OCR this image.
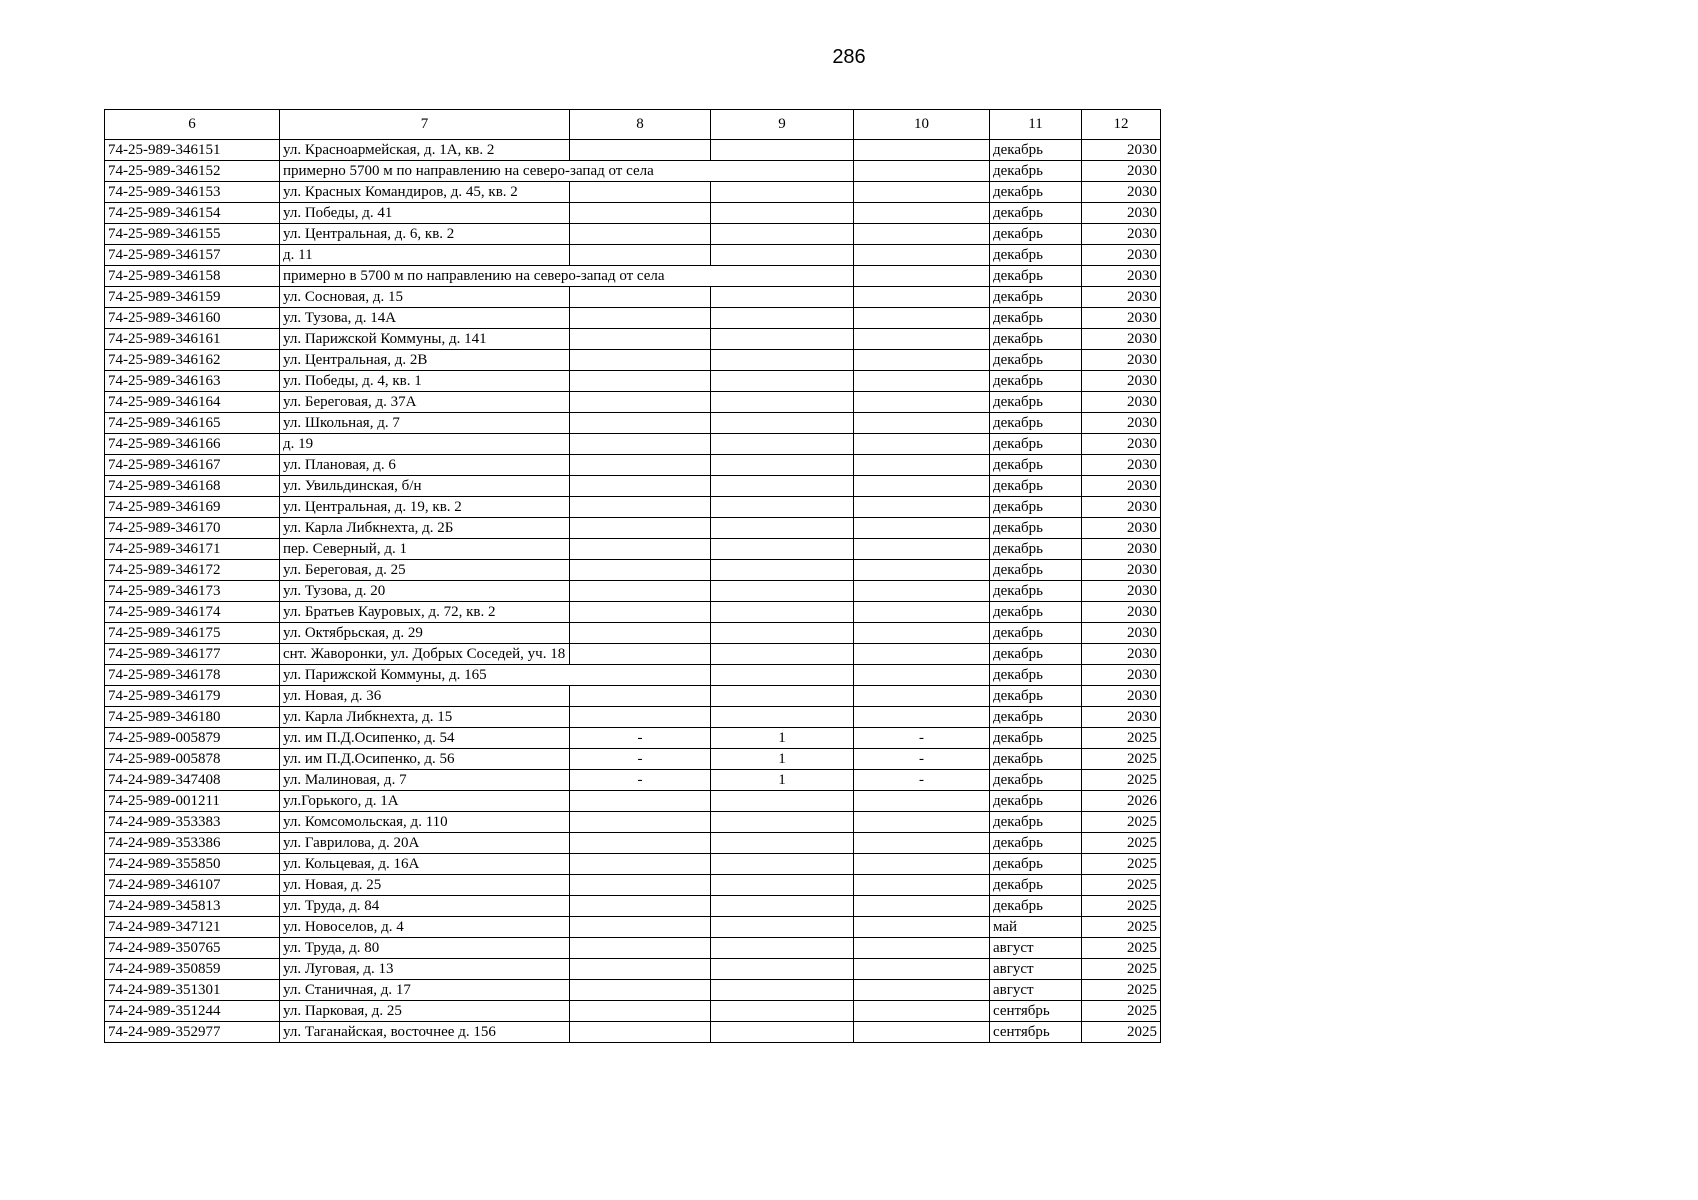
286
6	7	8	9	10	11	12
74-25-989-346151	ул. Красноармейская, д. 1А, кв. 2				декабрь	2030
74-25-989-346152	примерно 5700 м по направлению на северо-запад от села				декабрь	2030
74-25-989-346153	ул. Красных Командиров, д. 45, кв. 2				декабрь	2030
74-25-989-346154	ул. Победы, д. 41				декабрь	2030
74-25-989-346155	ул. Центральная, д. 6, кв. 2				декабрь	2030
74-25-989-346157	д. 11				декабрь	2030
74-25-989-346158	примерно в 5700 м по направлению на северо-запад от села				декабрь	2030
74-25-989-346159	ул. Сосновая, д. 15				декабрь	2030
74-25-989-346160	ул. Тузова, д. 14А				декабрь	2030
74-25-989-346161	ул. Парижской Коммуны, д. 141				декабрь	2030
74-25-989-346162	ул. Центральная, д. 2В				декабрь	2030
74-25-989-346163	ул. Победы, д. 4, кв. 1				декабрь	2030
74-25-989-346164	ул. Береговая, д. 37А				декабрь	2030
74-25-989-346165	ул. Школьная, д. 7				декабрь	2030
74-25-989-346166	д. 19				декабрь	2030
74-25-989-346167	ул. Плановая, д. 6				декабрь	2030
74-25-989-346168	ул. Увильдинская, б/н				декабрь	2030
74-25-989-346169	ул. Центральная, д. 19, кв. 2				декабрь	2030
74-25-989-346170	ул. Карла Либкнехта, д. 2Б				декабрь	2030
74-25-989-346171	пер. Северный, д. 1				декабрь	2030
74-25-989-346172	ул. Береговая, д. 25				декабрь	2030
74-25-989-346173	ул. Тузова, д. 20				декабрь	2030
74-25-989-346174	ул. Братьев Кауровых, д. 72, кв. 2				декабрь	2030
74-25-989-346175	ул. Октябрьская, д. 29				декабрь	2030
74-25-989-346177	снт. Жаворонки, ул. Добрых Соседей, уч. 18				декабрь	2030
74-25-989-346178	ул. Парижской Коммуны, д. 165				декабрь	2030
74-25-989-346179	ул. Новая, д. 36				декабрь	2030
74-25-989-346180	ул. Карла Либкнехта, д. 15				декабрь	2030
74-25-989-005879	ул. им П.Д.Осипенко, д. 54	-	1	-	декабрь	2025
74-25-989-005878	ул. им П.Д.Осипенко, д. 56	-	1	-	декабрь	2025
74-24-989-347408	ул. Малиновая, д. 7	-	1	-	декабрь	2025
74-25-989-001211	ул.Горького, д. 1А				декабрь	2026
74-24-989-353383	ул. Комсомольская, д. 110				декабрь	2025
74-24-989-353386	ул. Гаврилова, д. 20А				декабрь	2025
74-24-989-355850	ул. Кольцевая, д. 16А				декабрь	2025
74-24-989-346107	ул. Новая, д. 25				декабрь	2025
74-24-989-345813	ул. Труда, д. 84				декабрь	2025
74-24-989-347121	ул. Новоселов, д. 4				май	2025
74-24-989-350765	ул. Труда, д. 80				август	2025
74-24-989-350859	ул. Луговая, д. 13				август	2025
74-24-989-351301	ул. Станичная, д. 17				август	2025
74-24-989-351244	ул. Парковая, д. 25				сентябрь	2025
74-24-989-352977	ул. Таганайская, восточнее д. 156				сентябрь	2025
